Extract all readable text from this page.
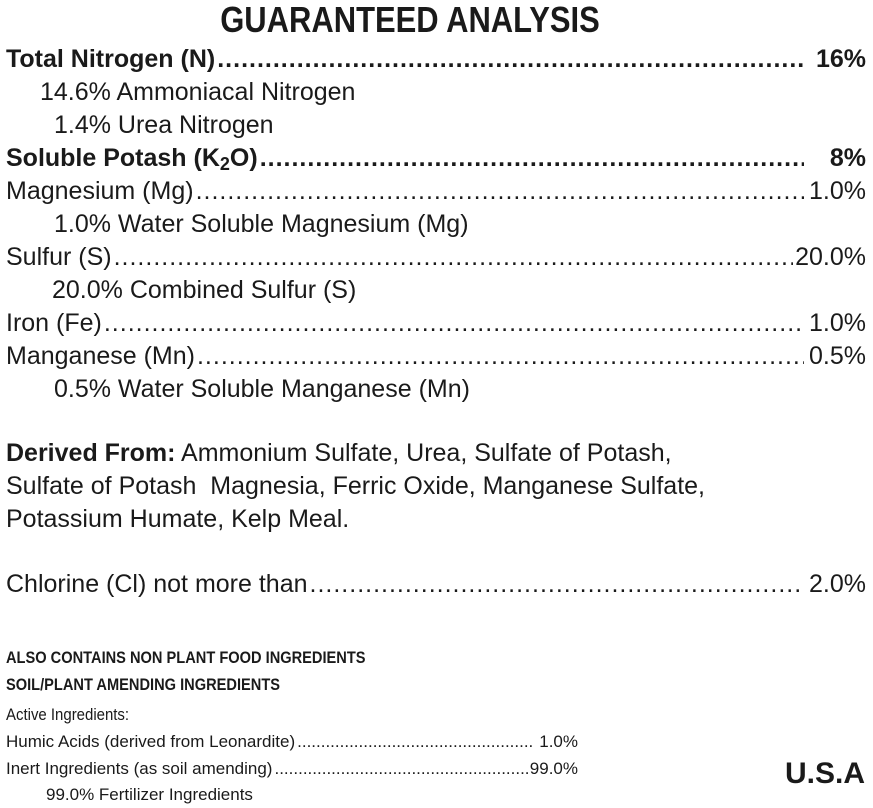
GUARANTEED ANALYSIS
Total Nitrogen (N) .....	16%
14.6% Ammoniacal Nitrogen
1.4% Urea Nitrogen
Soluble Potash $(K_2O)$ .....	8%
Magnesium (Mg) .....	1.0%
1.0% Water Soluble Magnesium (Mg)
Sulfur (S) .....	20.0%
20.0% Combined Sulfur (S)
Iron (Fe) .....	1.0%
Manganese (Mn) .....	0.5%
0.5% Water Soluble Manganese (Mn)
Derived From: Ammonium Sulfate, Urea, Sulfate of Potash,
Sulfate of Potash  Magnesia, Ferric Oxide, Manganese Sulfate,
Potassium Humate, Kelp Meal.
Chlorine (Cl) not more than .....	2.0%
ALSO CONTAINS NON PLANT FOOD INGREDIENTS
SOIL/PLANT AMENDING INGREDIENTS
Active Ingredients:
Humic Acids (derived from Leonardite) .....	1.0%
Inert Ingredients (as soil amending) .....	99.0%
99.0% Fertilizer Ingredients
U.S.A
